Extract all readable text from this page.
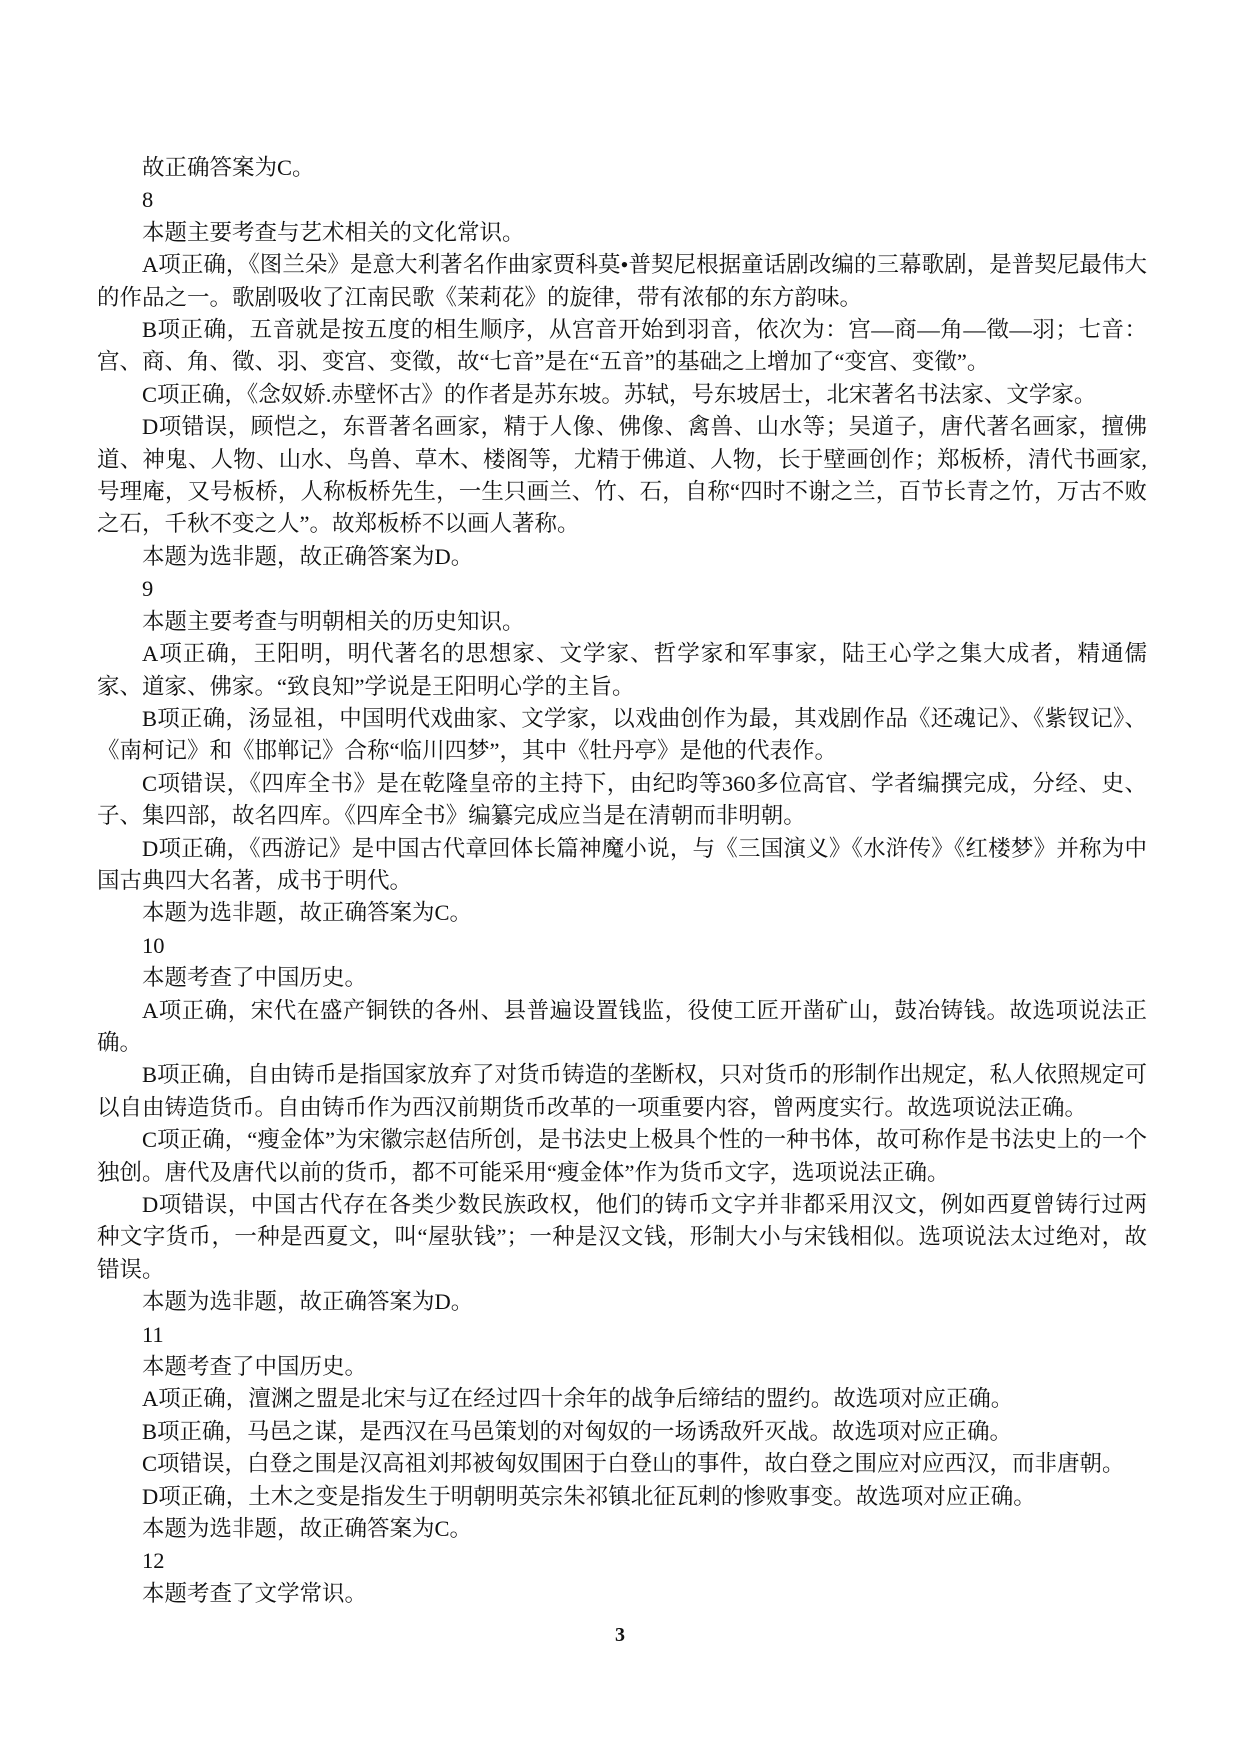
故正确答案为C。

8

本题主要考查与艺术相关的文化常识。

A项正确，《图兰朵》是意大利著名作曲家贾科莫•普契尼根据童话剧改编的三幕歌剧，是普契尼最伟大的作品之一。歌剧吸收了江南民歌《茉莉花》的旋律，带有浓郁的东方韵味。

B项正确，五音就是按五度的相生顺序，从宫音开始到羽音，依次为：宫—商—角—徵—羽；七音：宫、商、角、徵、羽、变宫、变徵，故“七音”是在“五音”的基础之上增加了“变宫、变徵”。

C项正确，《念奴娇.赤壁怀古》的作者是苏东坡。苏轼，号东坡居士，北宋著名书法家、文学家。

D项错误，顾恺之，东晋著名画家，精于人像、佛像、禽兽、山水等；吴道子，唐代著名画家，擅佛道、神鬼、人物、山水、鸟兽、草木、楼阁等，尤精于佛道、人物，长于壁画创作；郑板桥，清代书画家,号理庵，又号板桥，人称板桥先生，一生只画兰、竹、石，自称“四时不谢之兰，百节长青之竹，万古不败之石，千秋不变之人”。故郑板桥不以画人著称。

本题为选非题，故正确答案为D。

9

本题主要考查与明朝相关的历史知识。

A项正确，王阳明，明代著名的思想家、文学家、哲学家和军事家，陆王心学之集大成者，精通儒家、道家、佛家。“致良知”学说是王阳明心学的主旨。

B项正确，汤显祖，中国明代戏曲家、文学家，以戏曲创作为最，其戏剧作品《还魂记》、《紫钗记》、《南柯记》和《邯郸记》合称“临川四梦”，其中《牡丹亭》是他的代表作。

C项错误，《四库全书》是在乾隆皇帝的主持下，由纪昀等360多位高官、学者编撰完成，分经、史、子、集四部，故名四库。《四库全书》编纂完成应当是在清朝而非明朝。

D项正确，《西游记》是中国古代章回体长篇神魔小说，与《三国演义》《水浒传》《红楼梦》并称为中国古典四大名著，成书于明代。

本题为选非题，故正确答案为C。

10

本题考查了中国历史。

A项正确，宋代在盛产铜铁的各州、县普遍设置钱监，役使工匠开凿矿山，鼓冶铸钱。故选项说法正确。

B项正确，自由铸币是指国家放弃了对货币铸造的垄断权，只对货币的形制作出规定，私人依照规定可以自由铸造货币。自由铸币作为西汉前期货币改革的一项重要内容，曾两度实行。故选项说法正确。

C项正确，“瘦金体”为宋徽宗赵佶所创，是书法史上极具个性的一种书体，故可称作是书法史上的一个独创。唐代及唐代以前的货币，都不可能采用“瘦金体”作为货币文字，选项说法正确。

D项错误，中国古代存在各类少数民族政权，他们的铸币文字并非都采用汉文，例如西夏曾铸行过两种文字货币，一种是西夏文，叫“屋驮钱”；一种是汉文钱，形制大小与宋钱相似。选项说法太过绝对，故错误。

本题为选非题，故正确答案为D。

11

本题考查了中国历史。

A项正确，澶渊之盟是北宋与辽在经过四十余年的战争后缔结的盟约。故选项对应正确。

B项正确，马邑之谋，是西汉在马邑策划的对匈奴的一场诱敌歼灭战。故选项对应正确。

C项错误，白登之围是汉高祖刘邦被匈奴围困于白登山的事件，故白登之围应对应西汉，而非唐朝。

D项正确，土木之变是指发生于明朝明英宗朱祁镇北征瓦剌的惨败事变。故选项对应正确。

本题为选非题，故正确答案为C。

12

本题考查了文学常识。

3
